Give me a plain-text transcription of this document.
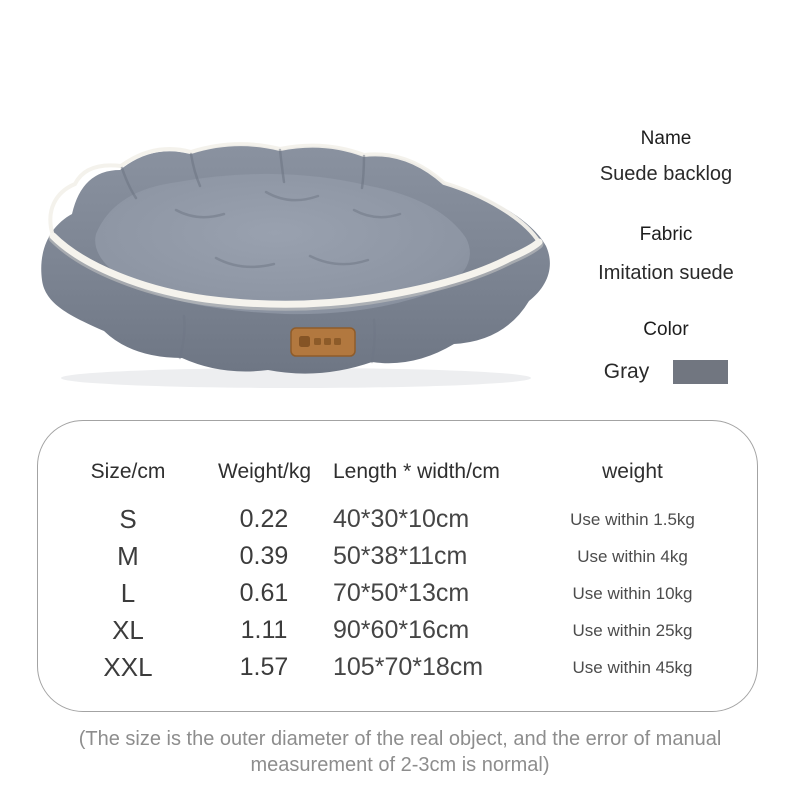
Name
Suede backlog
Fabric
Imitation suede
Color
Gray
Size/cm	Weight/kg	Length * width/cm	weight
S	0.22	40*30*10cm	Use within 1.5kg
M	0.39	50*38*11cm	Use within 4kg
L	0.61	70*50*13cm	Use within 10kg
XL	1.11	90*60*16cm	Use within 25kg
XXL	1.57	105*70*18cm	Use within 45kg

(The size is the outer diameter of the real object, and the error of manual measurement of 2-3cm is normal)
